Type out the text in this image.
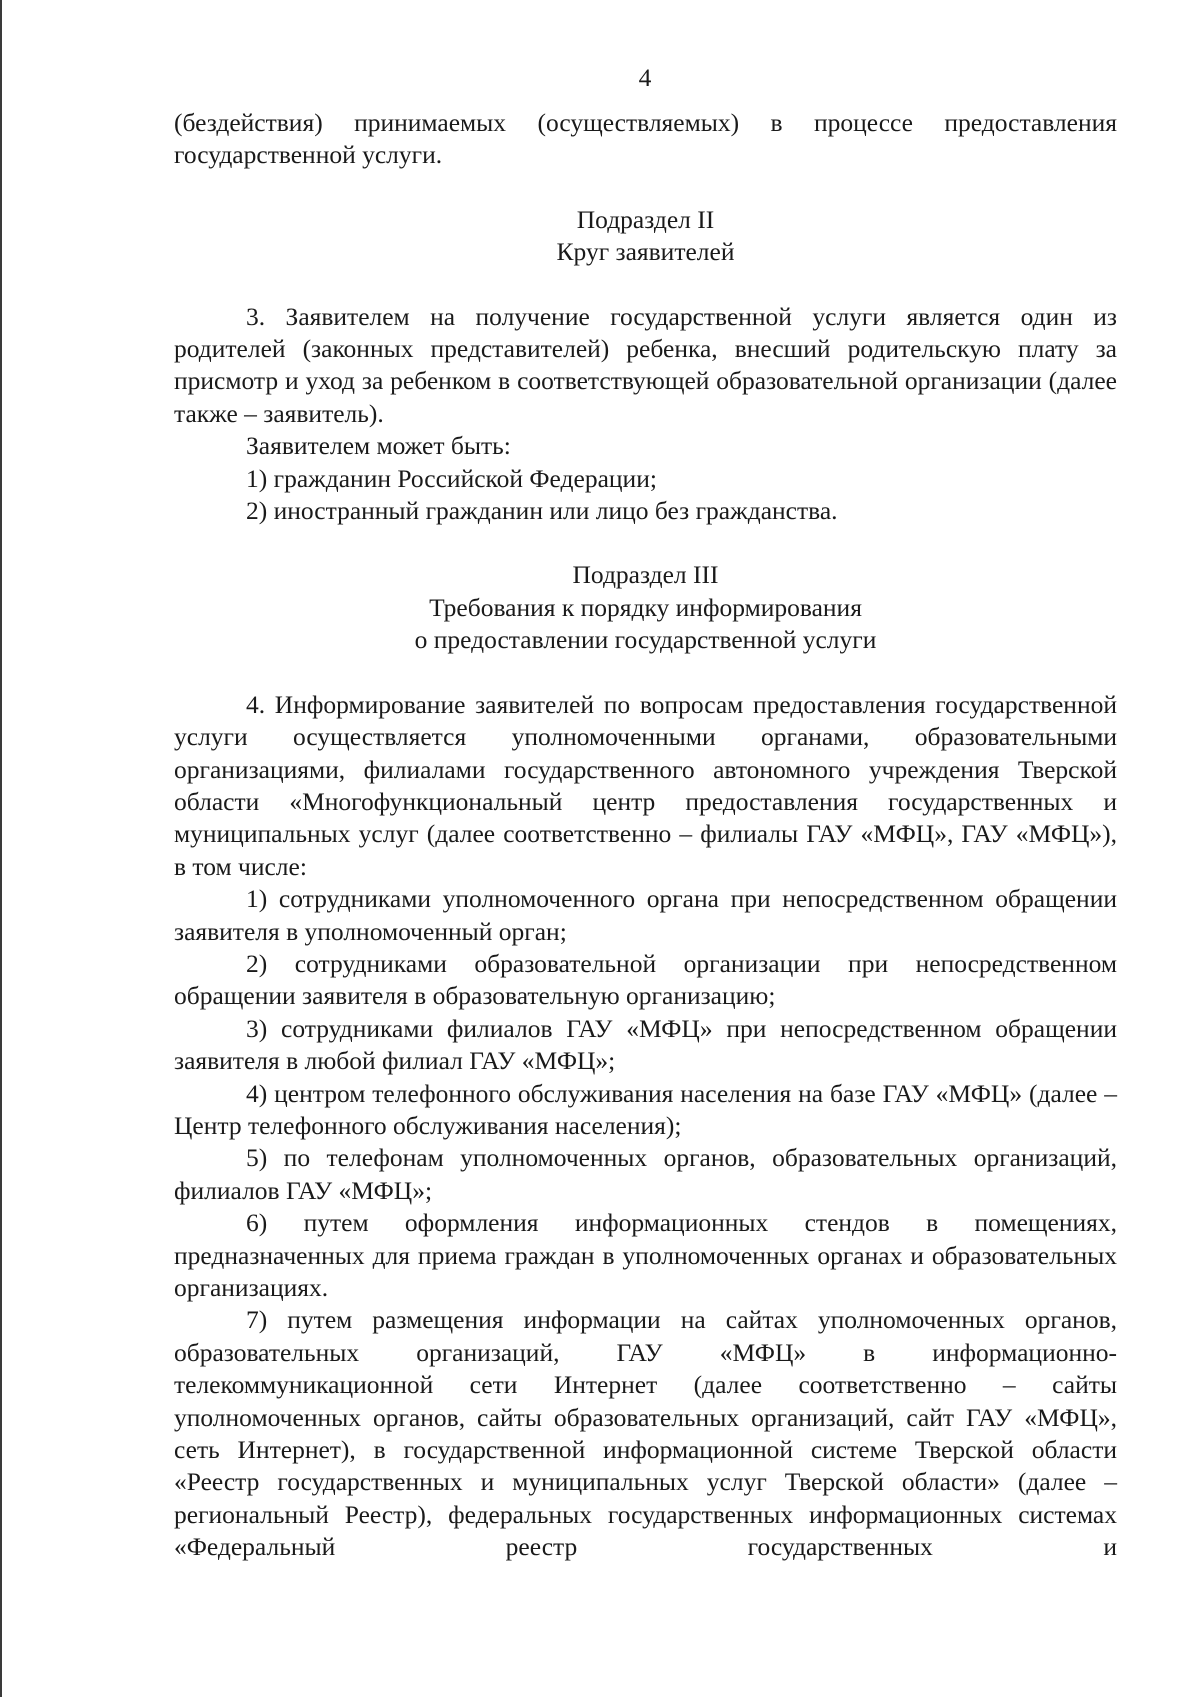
4

(бездействия) принимаемых (осуществляемых) в процессе предоставления государственной услуги.

Подраздел II

Круг заявителей

3. Заявителем на получение государственной услуги является один из родителей (законных представителей) ребенка, внесший родительскую плату за присмотр и уход за ребенком в соответствующей образовательной организации (далее также – заявитель).

Заявителем может быть:

1) гражданин Российской Федерации;

2) иностранный гражданин или лицо без гражданства.

Подраздел III

Требования к порядку информирования

о предоставлении государственной услуги

4. Информирование заявителей по вопросам предоставления государственной услуги осуществляется уполномоченными органами, образовательными организациями, филиалами государственного автономного учреждения Тверской области «Многофункциональный центр предоставления государственных и муниципальных услуг (далее соответственно – филиалы ГАУ «МФЦ», ГАУ «МФЦ»), в том числе:

1) сотрудниками уполномоченного органа при непосредственном обращении заявителя в уполномоченный орган;

2) сотрудниками образовательной организации при непосредственном обращении заявителя в образовательную организацию;

3) сотрудниками филиалов ГАУ «МФЦ» при непосредственном обращении заявителя в любой филиал ГАУ «МФЦ»;

4) центром телефонного обслуживания населения на базе ГАУ «МФЦ» (далее – Центр телефонного обслуживания населения);

5) по телефонам уполномоченных органов, образовательных организаций, филиалов ГАУ «МФЦ»;

6) путем оформления информационных стендов в помещениях, предназначенных для приема граждан в уполномоченных органах и образовательных организациях.

7) путем размещения информации на сайтах уполномоченных органов, образовательных организаций, ГАУ «МФЦ» в информационно-телекоммуникационной сети Интернет (далее соответственно – сайты уполномоченных органов, сайты образовательных организаций, сайт ГАУ «МФЦ», сеть Интернет), в государственной информационной системе Тверской области «Реестр государственных и муниципальных услуг Тверской области» (далее – региональный Реестр), федеральных государственных информационных системах «Федеральный реестр государственных и
